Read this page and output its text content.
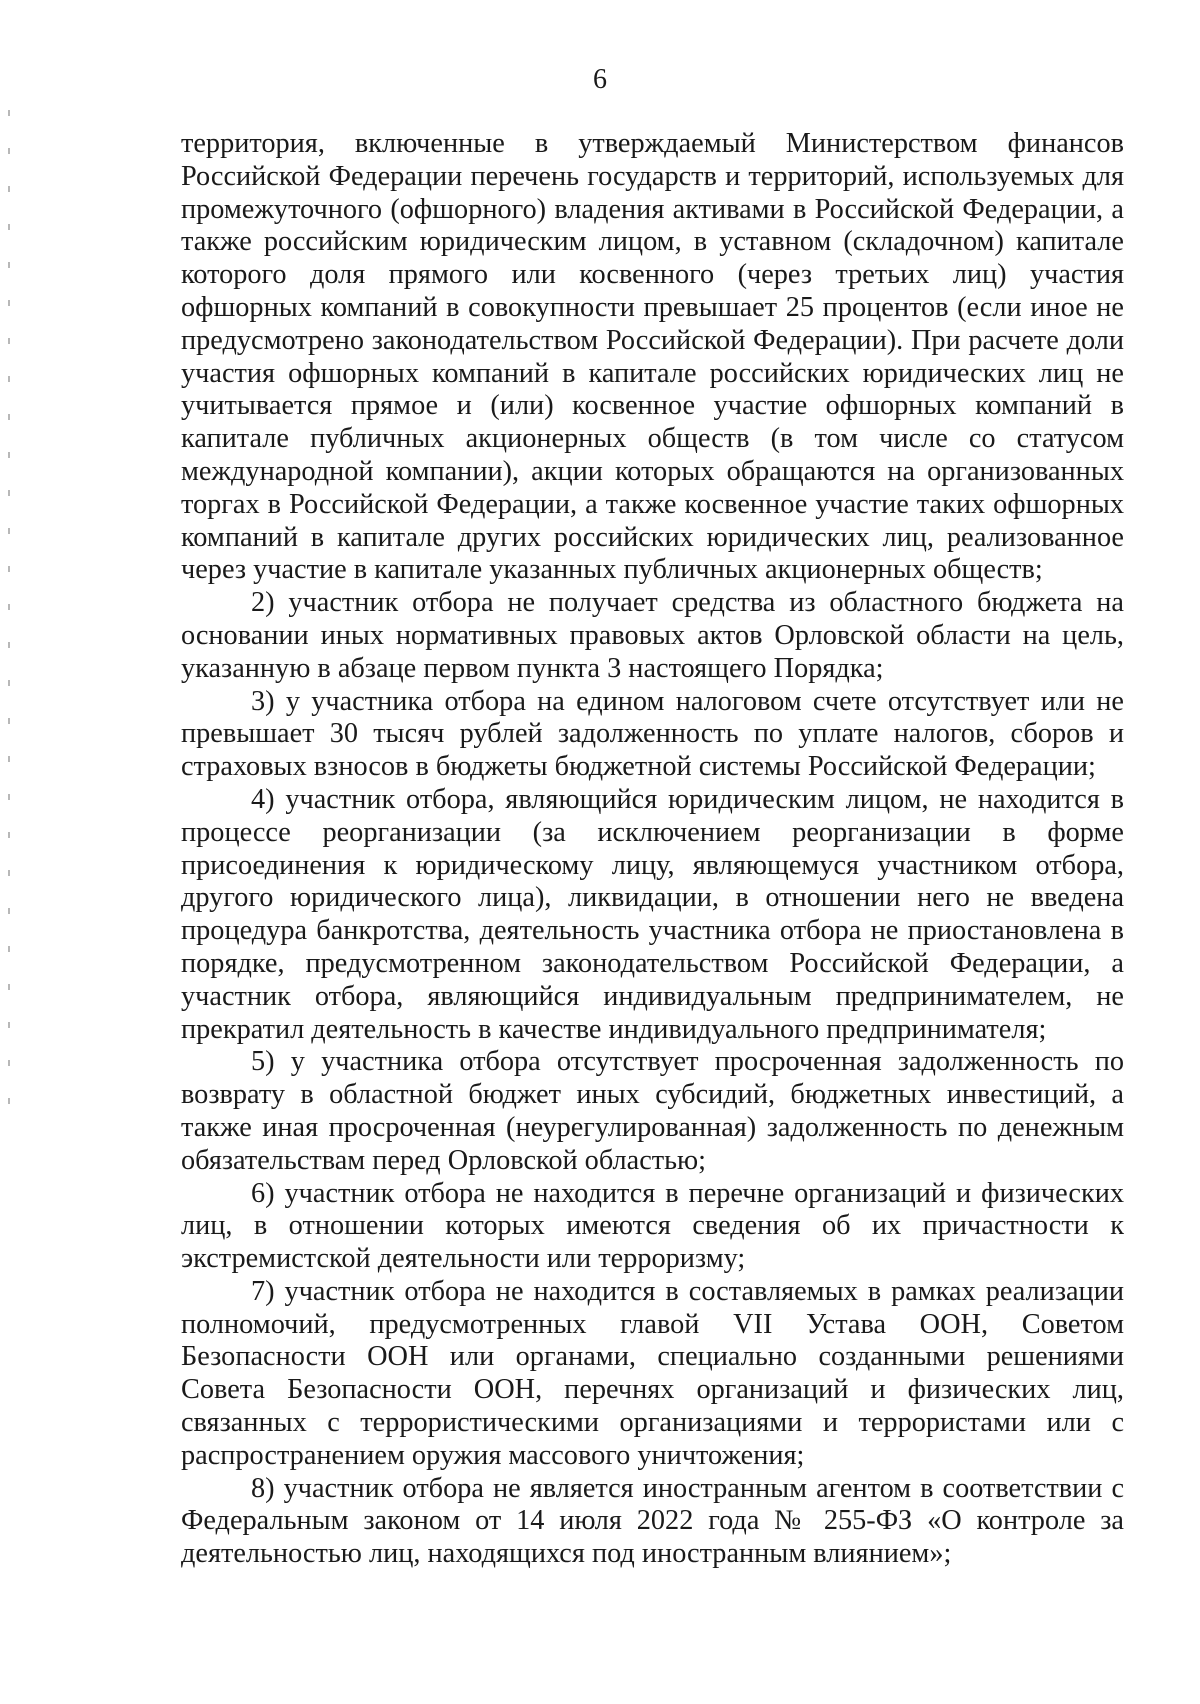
6

территория, включенные в утверждаемый Министерством финансов Российской Федерации перечень государств и территорий, используемых для промежуточного (офшорного) владения активами в Российской Федерации, а также российским юридическим лицом, в уставном (складочном) капитале которого доля прямого или косвенного (через третьих лиц) участия офшорных компаний в совокупности превышает 25 процентов (если иное не предусмотрено законодательством Российской Федерации). При расчете доли участия офшорных компаний в капитале российских юридических лиц не учитывается прямое и (или) косвенное участие офшорных компаний в капитале публичных акционерных обществ (в том числе со статусом международной компании), акции которых обращаются на организованных торгах в Российской Федерации, а также косвенное участие таких офшорных компаний в капитале других российских юридических лиц, реализованное через участие в капитале указанных публичных акционерных обществ;

2) участник отбора не получает средства из областного бюджета на основании иных нормативных правовых актов Орловской области на цель, указанную в абзаце первом пункта 3 настоящего Порядка;

3) у участника отбора на едином налоговом счете отсутствует или не превышает 30 тысяч рублей задолженность по уплате налогов, сборов и страховых взносов в бюджеты бюджетной системы Российской Федерации;

4) участник отбора, являющийся юридическим лицом, не находится в процессе реорганизации (за исключением реорганизации в форме присоединения к юридическому лицу, являющемуся участником отбора, другого юридического лица), ликвидации, в отношении него не введена процедура банкротства, деятельность участника отбора не приостановлена в порядке, предусмотренном законодательством Российской Федерации, а участник отбора, являющийся индивидуальным предпринимателем, не прекратил деятельность в качестве индивидуального предпринимателя;

5) у участника отбора отсутствует просроченная задолженность по возврату в областной бюджет иных субсидий, бюджетных инвестиций, а также иная просроченная (неурегулированная) задолженность по денежным обязательствам перед Орловской областью;

6) участник отбора не находится в перечне организаций и физических лиц, в отношении которых имеются сведения об их причастности к экстремистской деятельности или терроризму;

7) участник отбора не находится в составляемых в рамках реализации полномочий, предусмотренных главой VII Устава ООН, Советом Безопасности ООН или органами, специально созданными решениями Совета Безопасности ООН, перечнях организаций и физических лиц, связанных с террористическими организациями и террористами или с распространением оружия массового уничтожения;

8) участник отбора не является иностранным агентом в соответствии с Федеральным законом от 14 июля 2022 года № 255-ФЗ «О контроле за деятельностью лиц, находящихся под иностранным влиянием»;
